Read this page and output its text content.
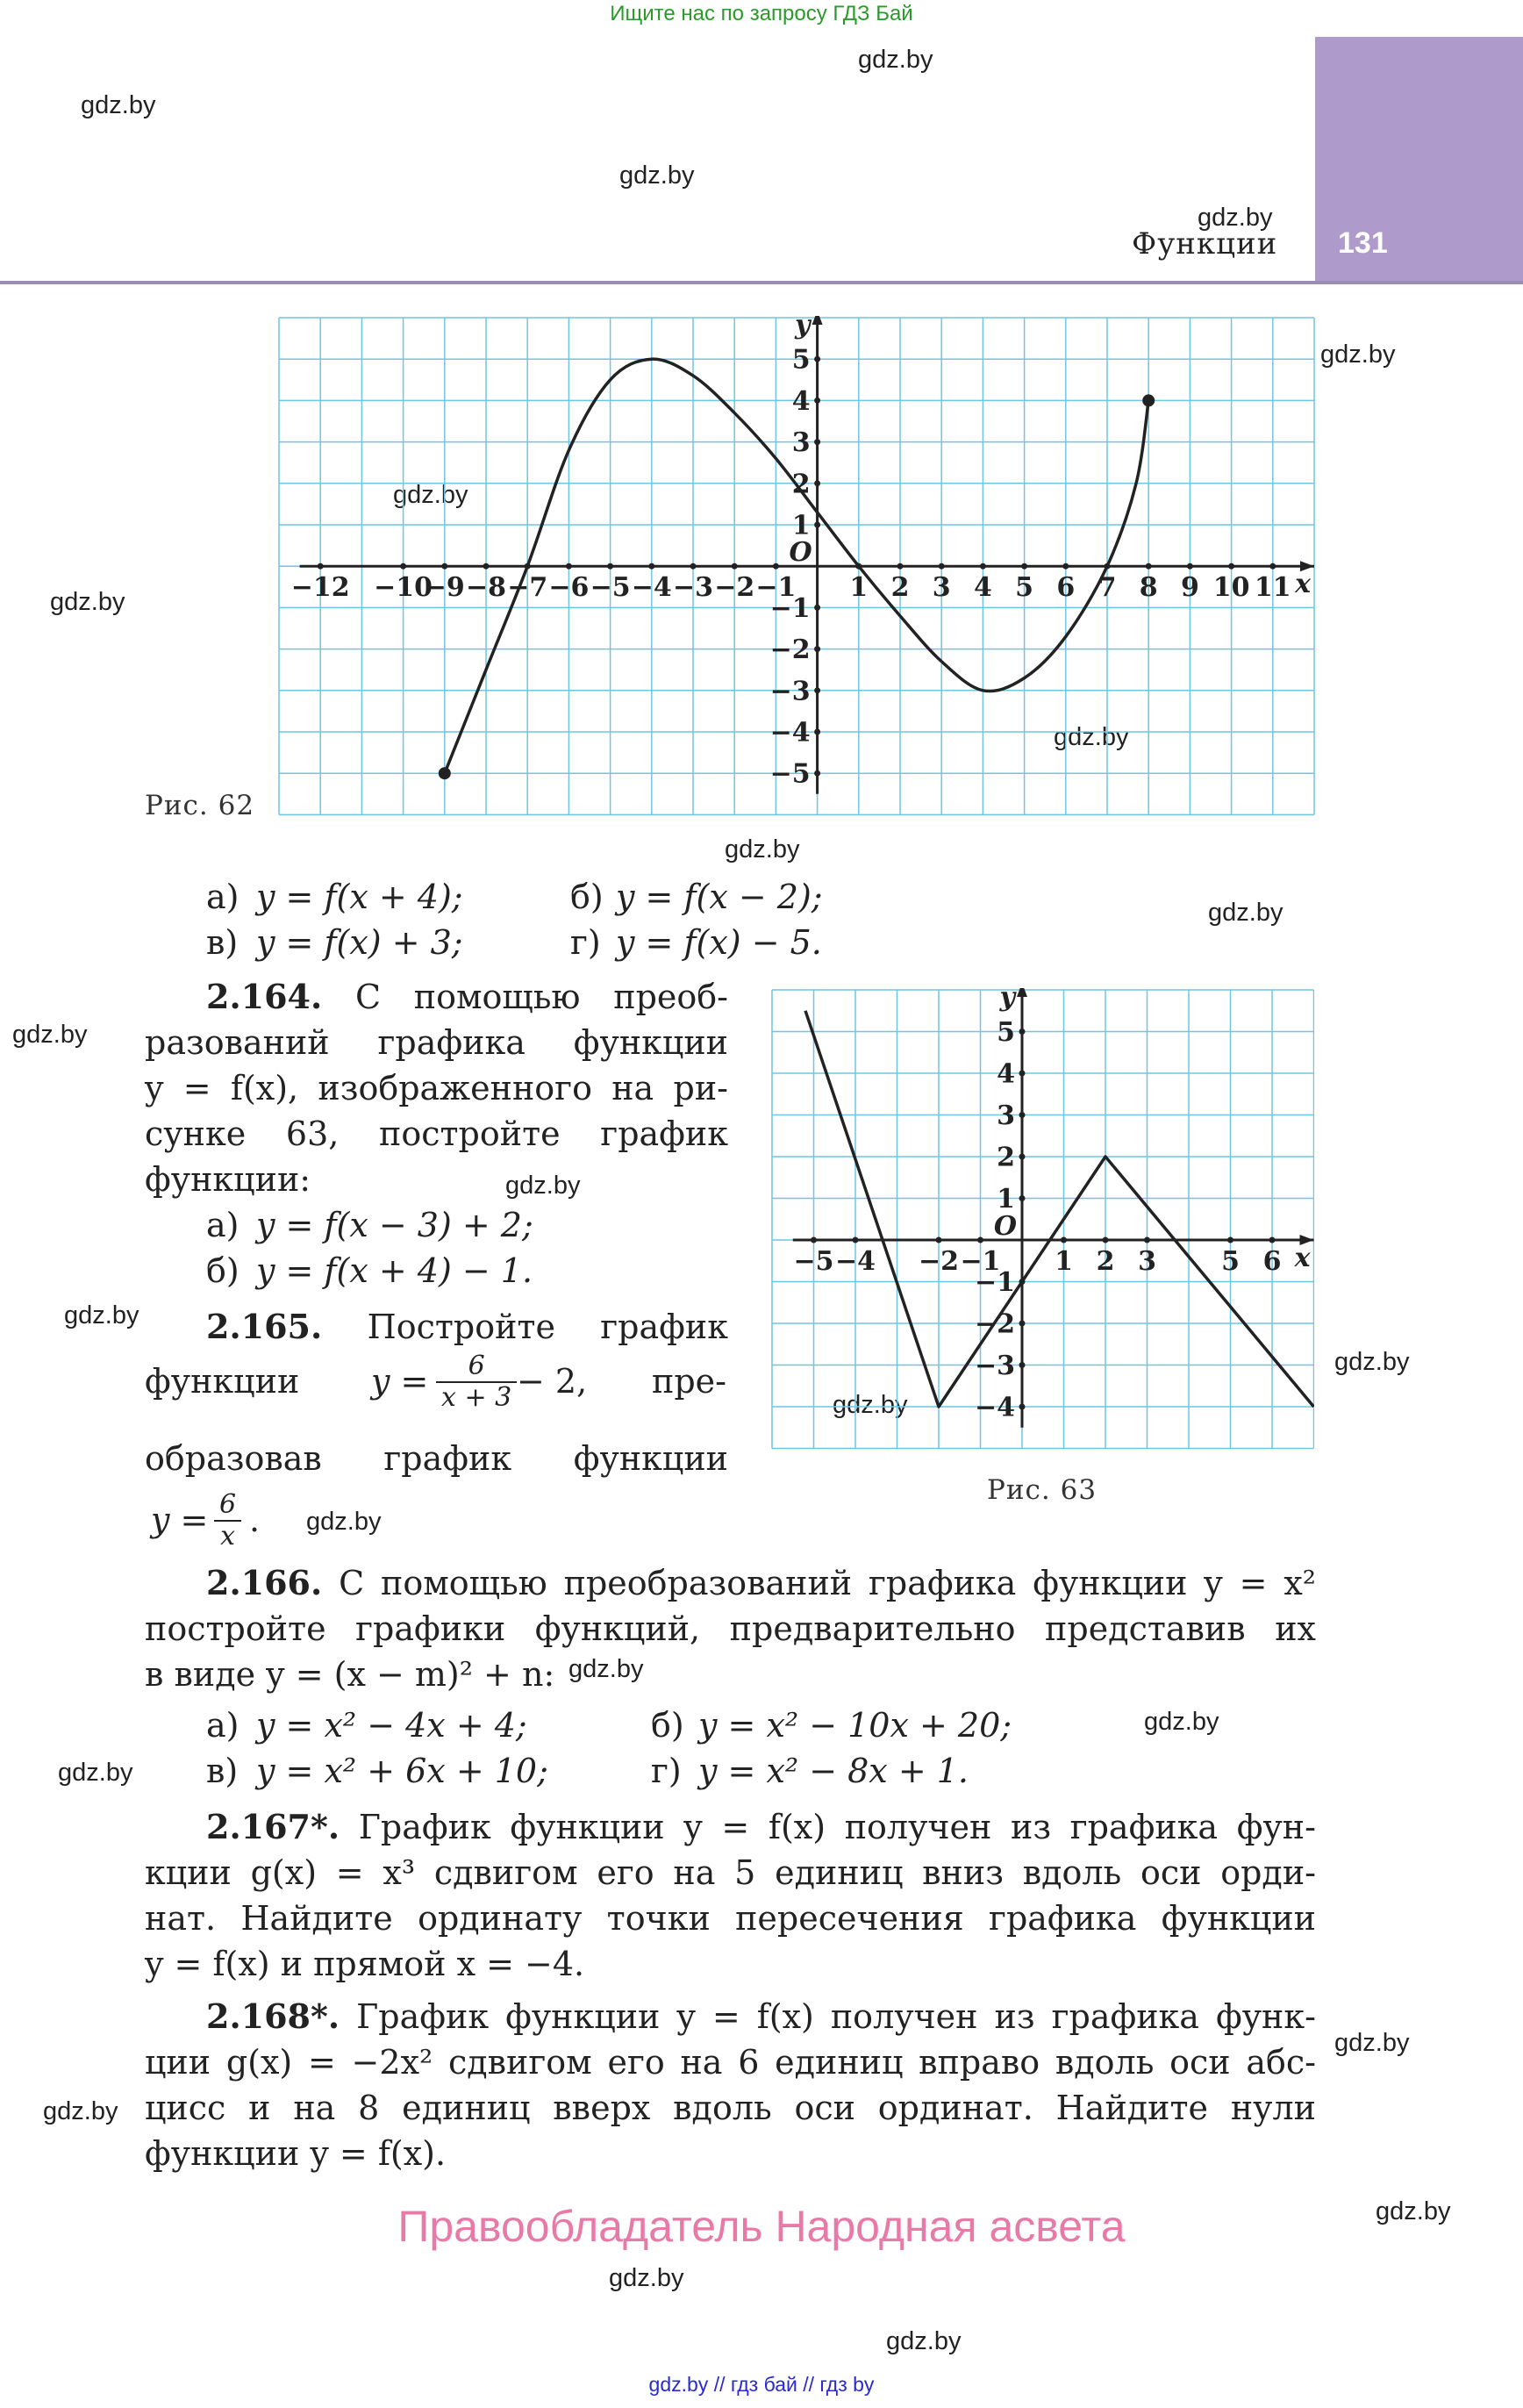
Ищите нас по запросу ГДЗ Бай
131
Функции
gdz.by
gdz.by
gdz.by
gdz.by
gdz.by
gdz.by
gdz.by
gdz.by
gdz.by
gdz.by
gdz.by
gdz.by
gdz.by
gdz.by
gdz.by
gdz.by
gdz.by
gdz.by
gdz.by
gdz.by
gdz.by
gdz.by
gdz.by
gdz.by
−12 −10
−9 −8 −7 −6 −5 −4 −3 −2 −1 1 2 3 4 5 6 7 8 9 10 11
5
4
3
2
1
−1
−2
−3
−4
−5
x
y
O
Рис. 62
а) y = f(x + 4);	б) y = f(x − 2);
в) y = f(x) + 3;	г) y = f(x) − 5.
2.164. С помощью преоб-
разований графика функции
y = f(x), изображенного на ри-
сунке 63, постройте график
функции:
а) y = f(x − 3) + 2;
б) y = f(x + 4) − 1.	−5 −4 −2 −1 1 2 3 5 6
5
4
3
2
1
−1
−2
−3
−4
x
y
O
Рис. 63
2.165. Постройте график
функции $y = \frac{6}{x + 3} - 2$, пре-
образовав график функции
$y = \frac{6}{x}$ .
2.166. С помощью преобразований графика функции y = x²
постройте графики функций, предварительно представив их
в виде y = (x − m)² + n:
а) y = x² − 4x + 4;	б) y = x² − 10x + 20;
в) y = x² + 6x + 10;	г) y = x² − 8x + 1.
2.167*. График функции y = f(x) получен из графика фун-
кции g(x) = x³ сдвигом его на 5 единиц вниз вдоль оси орди-
нат. Найдите ординату точки пересечения графика функции
y = f(x) и прямой x = −4.
2.168*. График функции y = f(x) получен из графика функ-
ции g(x) = −2x² сдвигом его на 6 единиц вправо вдоль оси абс-
цисс и на 8 единиц вверх вдоль оси ординат. Найдите нули
функции y = f(x).
Правообладатель Народная асвета
gdz.by // гдз бай // гдз by
